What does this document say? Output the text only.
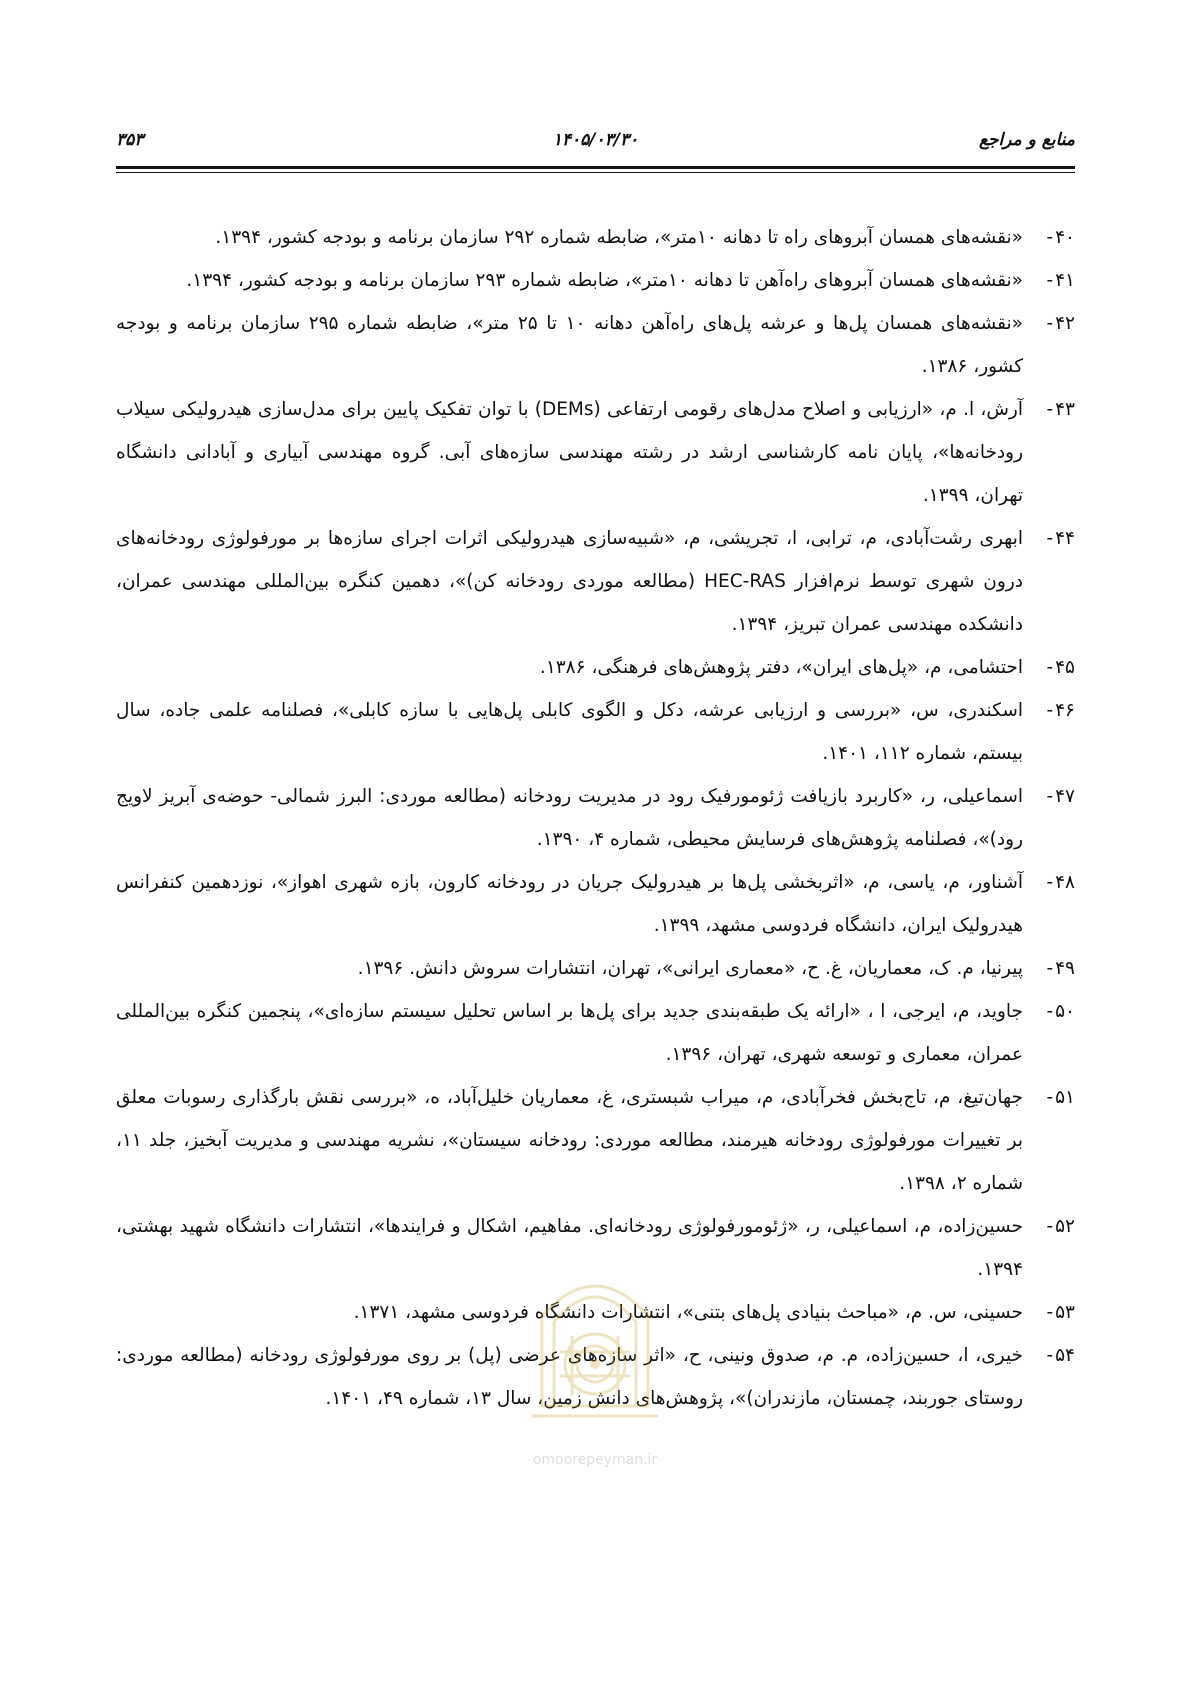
منابع و مراجع
۱۴۰۵/۰۳/۳۰
۳۵۳
۴۰-
«نقشه‌های همسان آبروهای راه تا دهانه ۱۰متر»، ضابطه شماره ۲۹۲ سازمان برنامه و بودجه کشور، ۱۳۹۴.
۴۱-
«نقشه‌های همسان آبروهای راه‌آهن تا دهانه ۱۰متر»، ضابطه شماره ۲۹۳ سازمان برنامه و بودجه کشور، ۱۳۹۴.
۴۲-
«نقشه‌های همسان پل‌ها و عرشه پل‌های راه‌آهن دهانه ۱۰ تا ۲۵ متر»، ضابطه شماره ۲۹۵ سازمان برنامه و بودجه کشور، ۱۳۸۶.
۴۳-
آرش، ا. م، «ارزیابی و اصلاح مدل‌های رقومی ارتفاعی (DEMs) با توان تفکیک پایین برای مدل‌سازی هیدرولیکی سیلاب رودخانه‌ها»، پایان نامه کارشناسی ارشد در رشته مهندسی سازه‌های آبی. گروه مهندسی آبیاری و آبادانی دانشگاه تهران، ۱۳۹۹.
۴۴-
ابهری رشت‌آبادی، م، ترابی، ا، تجریشی، م، «شبیه‌سازی هیدرولیکی اثرات اجرای سازه‌ها بر مورفولوژی رودخانه‌های درون شهری توسط نرم‌افزار HEC-RAS (مطالعه موردی رودخانه کن)»، دهمین کنگره بین‌المللی مهندسی عمران، دانشکده مهندسی عمران تبریز، ۱۳۹۴.
۴۵-
احتشامی، م، «پل‌های ایران»، دفتر پژوهش‌های فرهنگی، ۱۳۸۶.
۴۶-
اسکندری، س، «بررسی و ارزیابی عرشه، دکل و الگوی کابلی پل‌هایی با سازه کابلی»، فصلنامه علمی جاده، سال بیستم، شماره ۱۱۲، ۱۴۰۱.
۴۷-
اسماعیلی، ر، «کاربرد بازیافت ژئومورفیک رود در مدیریت رودخانه (مطالعه موردی: البرز شمالی- حوضه‌ی آبریز لاویج رود)»، فصلنامه پژوهش‌های فرسایش محیطی، شماره ۴، ۱۳۹۰.
۴۸-
آشناور، م، یاسی، م، «اثربخشی پل‌ها بر هیدرولیک جریان در رودخانه کارون، بازه شهری اهواز»، نوزدهمین کنفرانس هیدرولیک ایران، دانشگاه فردوسی مشهد، ۱۳۹۹.
۴۹-
پیرنیا، م. ک، معماریان، غ. ح، «معماری ایرانی»، تهران، انتشارات سروش دانش. ۱۳۹۶.
۵۰-
جاوید، م، ایرجی، ا ، «ارائه یک طبقه‌بندی جدید برای پل‌ها بر اساس تحلیل سیستم سازه‌ای»، پنجمین کنگره بین‌المللی عمران، معماری و توسعه شهری، تهران، ۱۳۹۶.
۵۱-
جهان‌تیغ، م، تاج‌بخش فخرآبادی، م، میراب شبستری، غ، معماریان خلیل‌آباد، ه، «بررسی نقش بارگذاری رسوبات معلق بر تغییرات مورفولوژی رودخانه هیرمند، مطالعه موردی: رودخانه سیستان»، نشریه مهندسی و مدیریت آبخیز، جلد ۱۱، شماره ۲، ۱۳۹۸.
۵۲-
حسین‌زاده، م، اسماعیلی، ر، «ژئومورفولوژی رودخانه‌ای. مفاهیم، اشکال و فرایندها»، انتشارات دانشگاه شهید بهشتی، ۱۳۹۴.
۵۳-
حسینی، س. م، «مباحث بنیادی پل‌های بتنی»، انتشارات دانشگاه فردوسی مشهد، ۱۳۷۱.
۵۴-
خیری، ا، حسین‌زاده، م. م، صدوق ونینی، ح، «اثر سازه‌های عرضی (پل) بر روی مورفولوژی رودخانه (مطالعه موردی: روستای جوربند، چمستان، مازندران)»، پژوهش‌های دانش زمین، سال ۱۳، شماره ۴۹، ۱۴۰۱.
omoorepeyman.ir
